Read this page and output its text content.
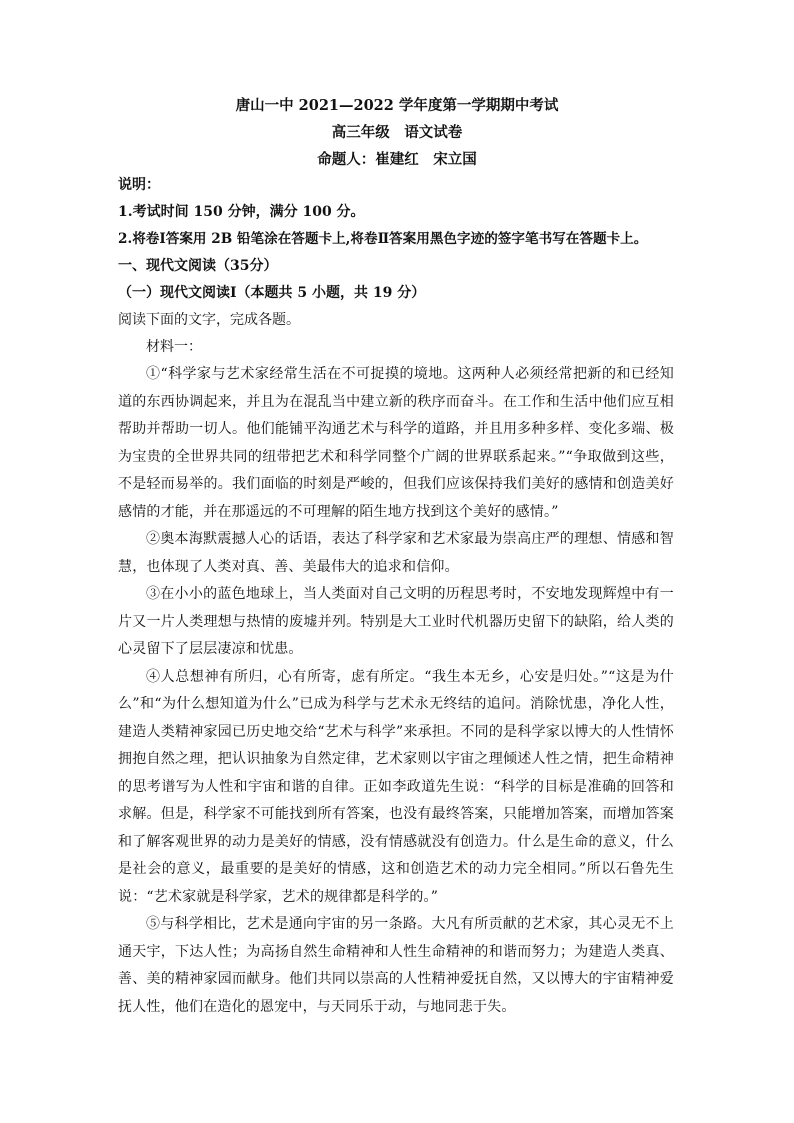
唐山一中 2021—2022 学年度第一学期期中考试
高三年级　语文试卷
命题人：崔建红　宋立国
说明：
1.考试时间 150 分钟，满分 100 分。
2.将卷Ⅰ答案用 2B 铅笔涂在答题卡上,将卷Ⅱ答案用黑色字迹的签字笔书写在答题卡上。
一、现代文阅读（35分）
（一）现代文阅读Ⅰ（本题共 5 小题，共 19 分）
阅读下面的文字，完成各题。
材料一：

①“科学家与艺术家经常生活在不可捉摸的境地。这两种人必须经常把新的和已经知道的东西协调起来，并且为在混乱当中建立新的秩序而奋斗。在工作和生活中他们应互相帮助并帮助一切人。他们能铺平沟通艺术与科学的道路，并且用多种多样、变化多端、极为宝贵的全世界共同的纽带把艺术和科学同整个广阔的世界联系起来。”“争取做到这些，不是轻而易举的。我们面临的时刻是严峻的，但我们应该保持我们美好的感情和创造美好感情的才能，并在那遥远的不可理解的陌生地方找到这个美好的感情。”

②奥本海默震撼人心的话语，表达了科学家和艺术家最为崇高庄严的理想、情感和智慧，也体现了人类对真、善、美最伟大的追求和信仰。

③在小小的蓝色地球上，当人类面对自己文明的历程思考时，不安地发现辉煌中有一片又一片人类理想与热情的废墟并列。特别是大工业时代机器历史留下的缺陷，给人类的心灵留下了层层凄凉和忧患。

④人总想神有所归，心有所寄，虑有所定。“我生本无乡，心安是归处。”“这是为什么”和“为什么想知道为什么”已成为科学与艺术永无终结的追问。消除忧患，净化人性，建造人类精神家园已历史地交给“艺术与科学”来承担。不同的是科学家以博大的人性情怀拥抱自然之理，把认识抽象为自然定律，艺术家则以宇宙之理倾述人性之情，把生命精神的思考谱写为人性和宇宙和谐的自律。正如李政道先生说：“科学的目标是准确的回答和求解。但是，科学家不可能找到所有答案，也没有最终答案，只能增加答案，而增加答案和了解客观世界的动力是美好的情感，没有情感就没有创造力。什么是生命的意义，什么是社会的意义，最重要的是美好的情感，这和创造艺术的动力完全相同。”所以石鲁先生说：“艺术家就是科学家，艺术的规律都是科学的。”

⑤与科学相比，艺术是通向宇宙的另一条路。大凡有所贡献的艺术家，其心灵无不上通天宇，下达人性；为高扬自然生命精神和人性生命精神的和谐而努力；为建造人类真、善、美的精神家园而献身。他们共同以崇高的人性精神爱抚自然，又以博大的宇宙精神爱抚人性，他们在造化的恩宠中，与天同乐于动，与地同悲于失。
